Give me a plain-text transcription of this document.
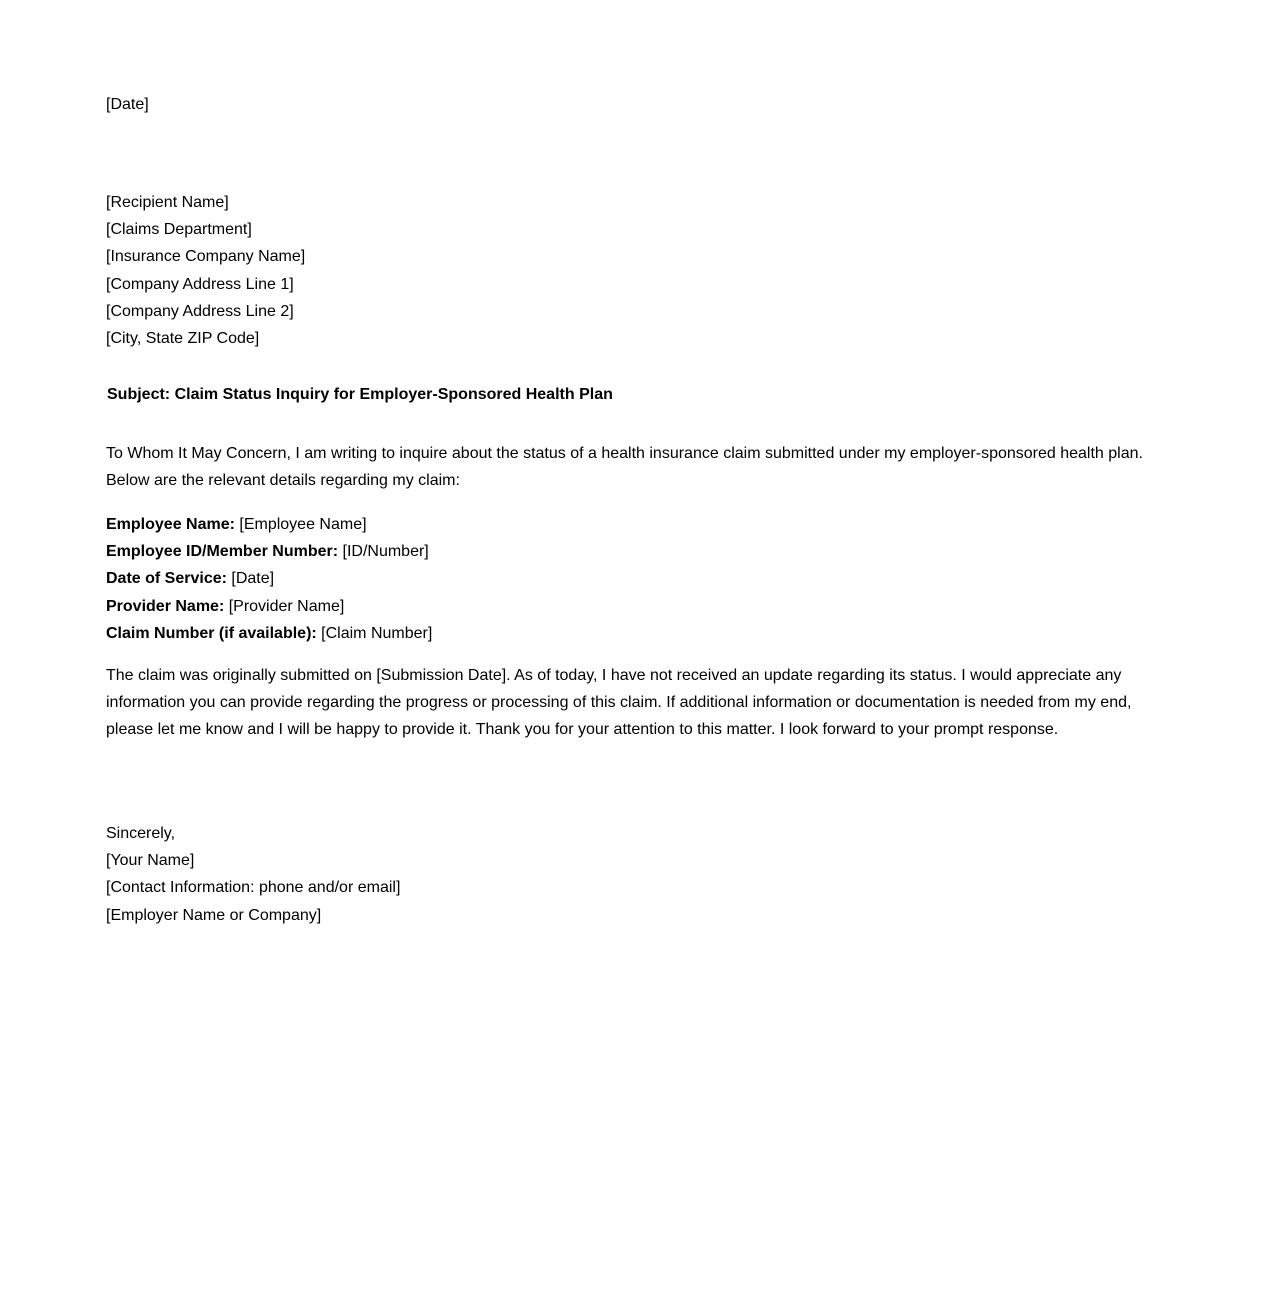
[Date]
[Recipient Name]
[Claims Department]
[Insurance Company Name]
[Company Address Line 1]
[Company Address Line 2]
[City, State ZIP Code]
Subject: Claim Status Inquiry for Employer-Sponsored Health Plan
To Whom It May Concern, I am writing to inquire about the status of a health insurance claim submitted under my employer-sponsored health plan.
Below are the relevant details regarding my claim:
Employee Name: [Employee Name]
Employee ID/Member Number: [ID/Number]
Date of Service: [Date]
Provider Name: [Provider Name]
Claim Number (if available): [Claim Number]
The claim was originally submitted on [Submission Date]. As of today, I have not received an update regarding its status. I would appreciate any
information you can provide regarding the progress or processing of this claim. If additional information or documentation is needed from my end,
please let me know and I will be happy to provide it. Thank you for your attention to this matter. I look forward to your prompt response.
Sincerely,
[Your Name]
[Contact Information: phone and/or email]
[Employer Name or Company]
